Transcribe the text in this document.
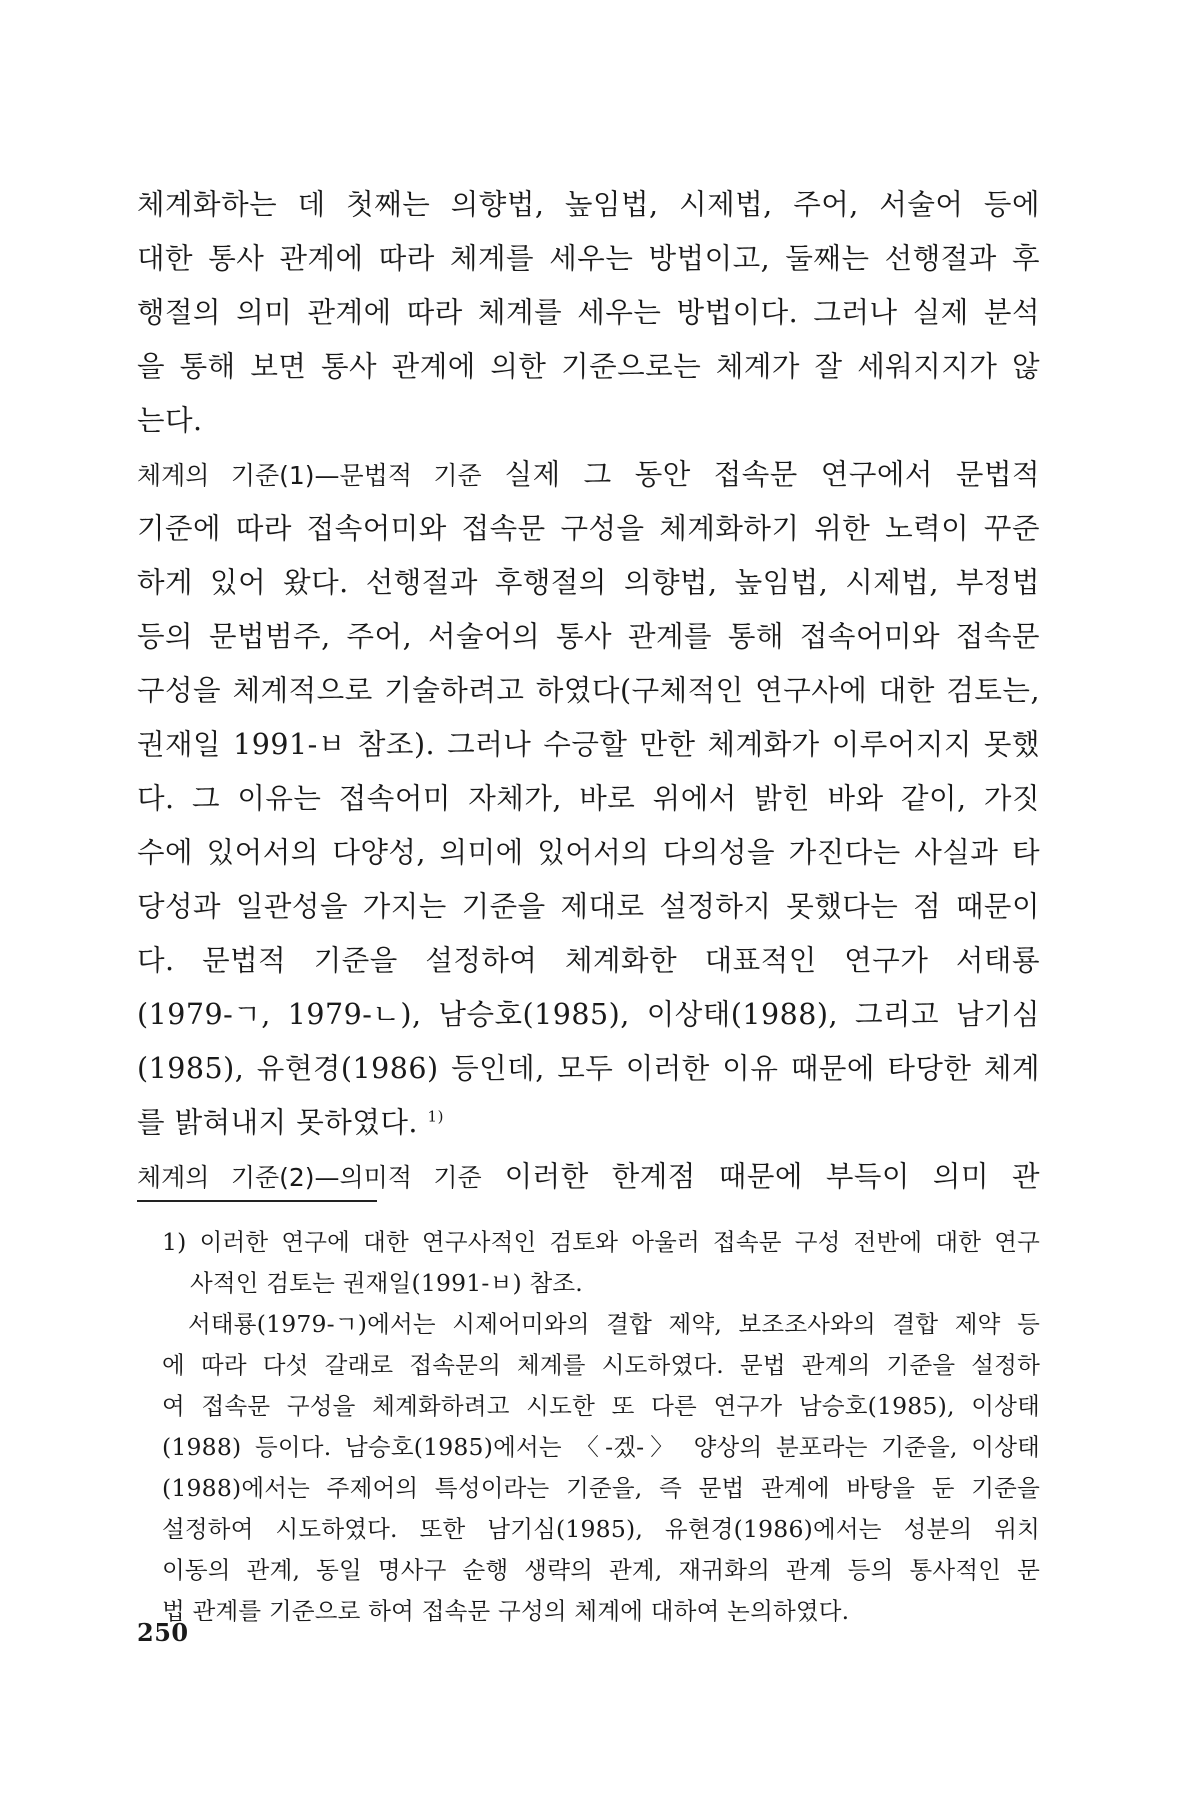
체계화하는 데 첫째는 의향법, 높임법, 시제법, 주어, 서술어 등에
대한 통사 관계에 따라 체계를 세우는 방법이고, 둘째는 선행절과 후
행절의 의미 관계에 따라 체계를 세우는 방법이다. 그러나 실제 분석
을 통해 보면 통사 관계에 의한 기준으로는 체계가 잘 세워지지가 않
는다.
체계의 기준(1)—문법적 기준 실제 그 동안 접속문 연구에서 문법적
기준에 따라 접속어미와 접속문 구성을 체계화하기 위한 노력이 꾸준
하게 있어 왔다. 선행절과 후행절의 의향법, 높임법, 시제법, 부정법
등의 문법범주, 주어, 서술어의 통사 관계를 통해 접속어미와 접속문
구성을 체계적으로 기술하려고 하였다(구체적인 연구사에 대한 검토는,
권재일 1991-ㅂ 참조). 그러나 수긍할 만한 체계화가 이루어지지 못했
다. 그 이유는 접속어미 자체가, 바로 위에서 밝힌 바와 같이, 가짓
수에 있어서의 다양성, 의미에 있어서의 다의성을 가진다는 사실과 타
당성과 일관성을 가지는 기준을 제대로 설정하지 못했다는 점 때문이
다. 문법적 기준을 설정하여 체계화한 대표적인 연구가 서태룡
(1979-ㄱ, 1979-ㄴ), 남승호(1985), 이상태(1988), 그리고 남기심
(1985), 유현경(1986) 등인데, 모두 이러한 이유 때문에 타당한 체계
를 밝혀내지 못하였다. $^{1)}$
체계의 기준(2)—의미적 기준 이러한 한계점 때문에 부득이 의미 관
1) 이러한 연구에 대한 연구사적인 검토와 아울러 접속문 구성 전반에 대한 연구
사적인 검토는 권재일(1991-ㅂ) 참조.
서태룡(1979-ㄱ)에서는 시제어미와의 결합 제약, 보조조사와의 결합 제약 등
에 따라 다섯 갈래로 접속문의 체계를 시도하였다. 문법 관계의 기준을 설정하
여 접속문 구성을 체계화하려고 시도한 또 다른 연구가 남승호(1985), 이상태
(1988) 등이다. 남승호(1985)에서는 〈-겠-〉 양상의 분포라는 기준을, 이상태
(1988)에서는 주제어의 특성이라는 기준을, 즉 문법 관계에 바탕을 둔 기준을
설정하여 시도하였다. 또한 남기심(1985), 유현경(1986)에서는 성분의 위치
이동의 관계, 동일 명사구 순행 생략의 관계, 재귀화의 관계 등의 통사적인 문
법 관계를 기준으로 하여 접속문 구성의 체계에 대하여 논의하였다.
250
